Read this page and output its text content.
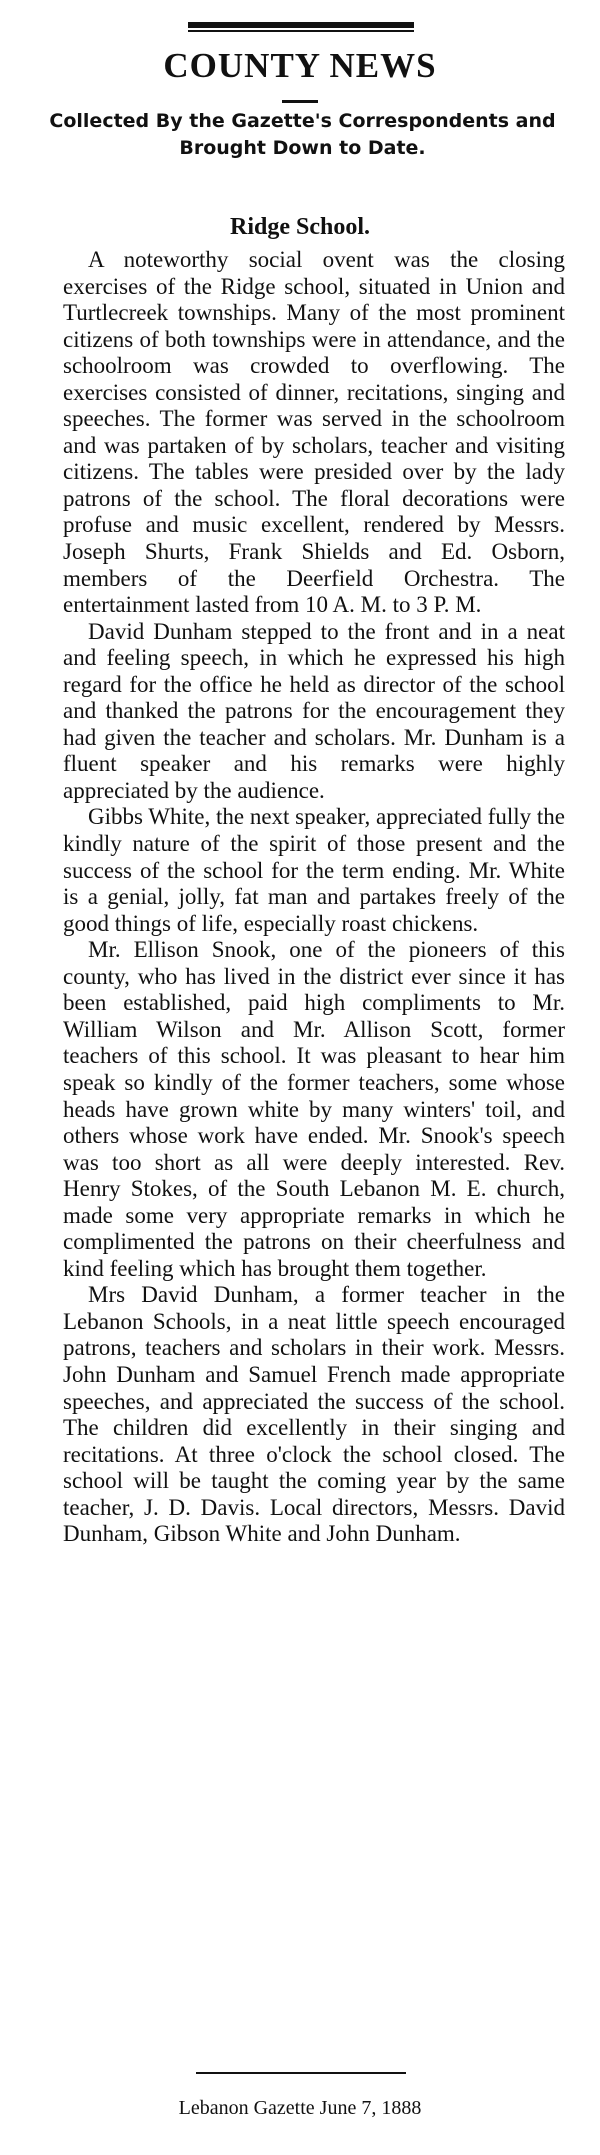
COUNTY NEWS
Collected By the Gazette's Correspondents and Brought Down to Date.
Ridge School.

A noteworthy social ovent was the closing exercises of the Ridge school, situated in Union and Turtlecreek townships. Many of the most prominent citizens of both townships were in attendance, and the schoolroom was crowded to overflowing. The exercises consisted of dinner, recitations, singing and speeches. The former was served in the schoolroom and was partaken of by scholars, teacher and visiting citizens. The tables were presided over by the lady patrons of the school. The floral decorations were profuse and music excellent, rendered by Messrs. Joseph Shurts, Frank Shields and Ed. Osborn, members of the Deerfield Orchestra. The entertainment lasted from 10 A. M. to 3 P. M.

David Dunham stepped to the front and in a neat and feeling speech, in which he expressed his high regard for the office he held as director of the school and thanked the patrons for the encouragement they had given the teacher and scholars. Mr. Dunham is a fluent speaker and his remarks were highly appreciated by the audience.

Gibbs White, the next speaker, appreciated fully the kindly nature of the spirit of those present and the success of the school for the term ending. Mr. White is a genial, jolly, fat man and partakes freely of the good things of life, especially roast chickens.

Mr. Ellison Snook, one of the pioneers of this county, who has lived in the district ever since it has been established, paid high compliments to Mr. William Wilson and Mr. Allison Scott, former teachers of this school. It was pleasant to hear him speak so kindly of the former teachers, some whose heads have grown white by many winters' toil, and others whose work have ended. Mr. Snook's speech was too short as all were deeply interested. Rev. Henry Stokes, of the South Lebanon M. E. church, made some very appropriate remarks in which he complimented the patrons on their cheerfulness and kind feeling which has brought them together.

Mrs David Dunham, a former teacher in the Lebanon Schools, in a neat little speech encouraged patrons, teachers and scholars in their work. Messrs. John Dunham and Samuel French made appropriate speeches, and appreciated the success of the school. The children did excellently in their singing and recitations. At three o'clock the school closed. The school will be taught the coming year by the same teacher, J. D. Davis. Local directors, Messrs. David Dunham, Gibson White and John Dunham.

Lebanon Gazette June 7, 1888
